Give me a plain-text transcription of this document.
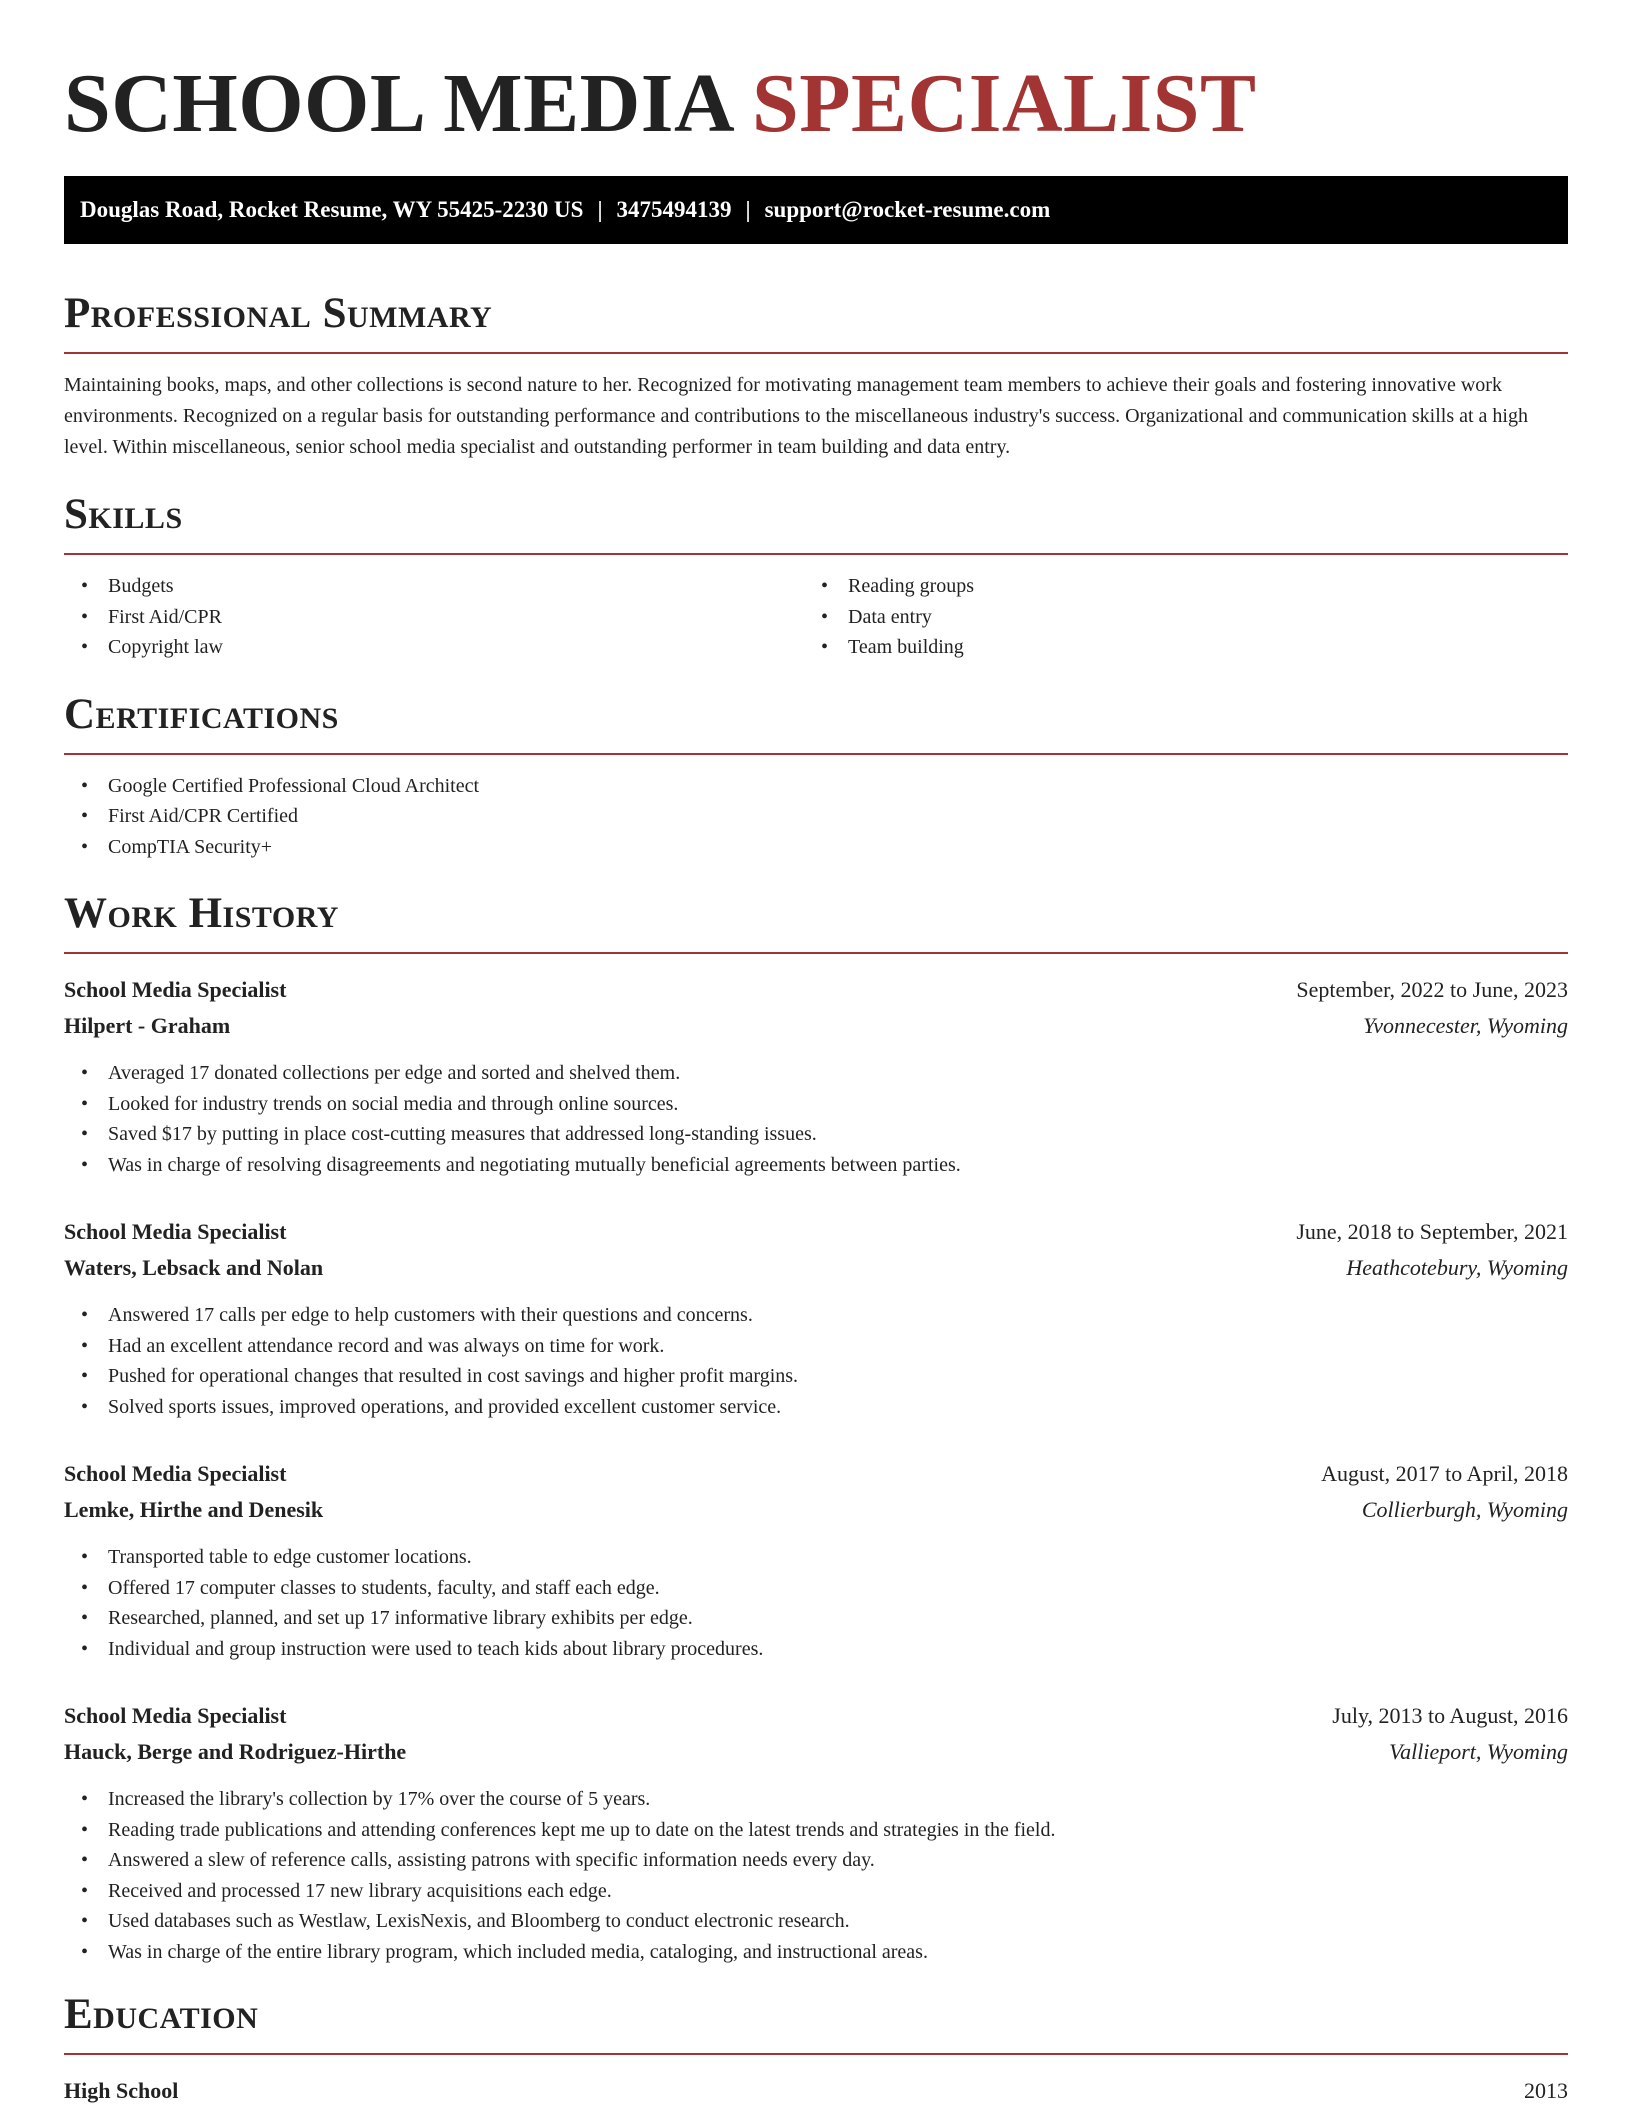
SCHOOL MEDIA SPECIALIST
Douglas Road, Rocket Resume, WY 55425-2230 US | 3475494139 | support@rocket-resume.com
Professional Summary

Maintaining books, maps, and other collections is second nature to her. Recognized for motivating management team members to achieve their goals and fostering innovative work environments. Recognized on a regular basis for outstanding performance and contributions to the miscellaneous industry's success. Organizational and communication skills at a high level. Within miscellaneous, senior school media specialist and outstanding performer in team building and data entry.

Skills
• Budgets
• First Aid/CPR
• Copyright law
• Reading groups
• Data entry
• Team building
Certifications
• Google Certified Professional Cloud Architect
• First Aid/CPR Certified
• CompTIA Security+
Work History
School Media Specialist	September, 2022 to June, 2023
Hilpert - Graham	Yvonnecester, Wyoming
• Averaged 17 donated collections per edge and sorted and shelved them.
• Looked for industry trends on social media and through online sources.
• Saved $17 by putting in place cost-cutting measures that addressed long-standing issues.
• Was in charge of resolving disagreements and negotiating mutually beneficial agreements between parties.
School Media Specialist	June, 2018 to September, 2021
Waters, Lebsack and Nolan	Heathcotebury, Wyoming
• Answered 17 calls per edge to help customers with their questions and concerns.
• Had an excellent attendance record and was always on time for work.
• Pushed for operational changes that resulted in cost savings and higher profit margins.
• Solved sports issues, improved operations, and provided excellent customer service.
School Media Specialist	August, 2017 to April, 2018
Lemke, Hirthe and Denesik	Collierburgh, Wyoming
• Transported table to edge customer locations.
• Offered 17 computer classes to students, faculty, and staff each edge.
• Researched, planned, and set up 17 informative library exhibits per edge.
• Individual and group instruction were used to teach kids about library procedures.
School Media Specialist	July, 2013 to August, 2016
Hauck, Berge and Rodriguez-Hirthe	Vallieport, Wyoming
• Increased the library's collection by 17% over the course of 5 years.
• Reading trade publications and attending conferences kept me up to date on the latest trends and strategies in the field.
• Answered a slew of reference calls, assisting patrons with specific information needs every day.
• Received and processed 17 new library acquisitions each edge.
• Used databases such as Westlaw, LexisNexis, and Bloomberg to conduct electronic research.
• Was in charge of the entire library program, which included media, cataloging, and instructional areas.
Education
High School	2013
